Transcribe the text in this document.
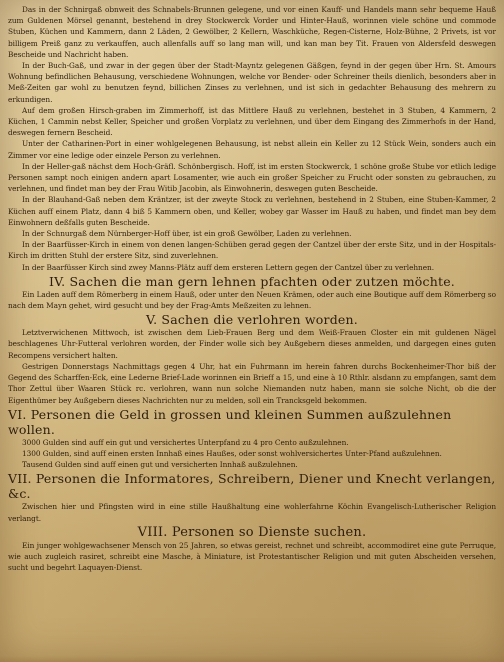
Das in der Schnirgaß obnweit des Schnabels-Brunnen gelegene, und vor einen Kauff- und Handels mann sehr bequeme Hauß zum Guldenen Mörsel genannt, bestehend in drey Stockwerck Vorder und Hinter-Hauß, worinnen viele schöne und commode Stuben, Küchen und Kammern, dann 2 Läden, 2 Gewölber, 2 Kellern, Waschküche, Regen-Cisterne, Holz-Bühne, 2 Privets, ist vor billigem Preiß ganz zu verkauffen, auch allenfalls auff so lang man will, und kan man bey Tit. Frauen von Aldersfeld deswegen Bescheide und Nachricht haben.

In der Buch-Gaß, und zwar in der gegen über der Stadt-Mayntz gelegenen Gäßgen, feynd in der gegen über Hrn. St. Amours Wohnung befindlichen Behausung, verschiedene Wohnungen, welche vor Bender- oder Schreiner theils dienlich, besonders aber in Meß-Zeiten gar wohl zu benutzen feynd, billichen Zinses zu verlehnen, und ist sich in gedachter Behausung des mehrern zu erkundigen.

Auf dem großen Hirsch-graben im Zimmerhoff, ist das Mittlere Hauß zu verlehnen, bestehet in 3 Stuben, 4 Kammern, 2 Küchen, 1 Cammin nebst Keller, Speicher und großen Vorplatz zu verlehnen, und über dem Eingang des Zimmerhofs in der Hand, deswegen fernern Bescheid.

Unter der Catharinen-Port in einer wohlgelegenen Behausung, ist nebst allein ein Keller zu 12 Stück Wein, sonders auch ein Zimmer vor eine ledige oder einzele Person zu verlehnen.

In der Heller-gaß nächst dem Hoch-Gräfl. Schönbergisch. Hoff, ist im ersten Stockwerck, 1 schöne große Stube vor etlich ledige Personen sampt noch einigen andern apart Losamenter, wie auch ein großer Speicher zu Frucht oder sonsten zu gebrauchen, zu verlehnen, und findet man bey der Frau Witib Jacobin, als Einwohnerin, deswegen guten Bescheide.

In der Blauhand-Gaß neben dem Kräntzer, ist der zweyte Stock zu verlehnen, bestehend in 2 Stuben, eine Stuben-Kammer, 2 Küchen auff einem Platz, dann 4 biß 5 Kammern oben, und Keller, wobey gar Wasser im Hauß zu haben, und findet man bey dem Einwohnern deßfalls guten Bescheide.

In der Schnurgaß dem Nürnberger-Hoff über, ist ein groß Gewölber, Laden zu verlehnen.

In der Baarfüsser-Kirch in einem von denen langen-Schüben gerad gegen der Cantzel über der erste Sitz, und in der Hospitals-Kirch im dritten Stuhl der erstere Sitz, sind zuverlehnen.

In der Baarfüsser Kirch sind zwey Manns-Plätz auff dem ersteren Lettern gegen der Cantzel über zu verlehnen.

IV. Sachen die man gern lehnen pfachten oder zutzen möchte.

Ein Laden auff dem Römerberg in einem Hauß, oder unter den Neuen Krämen, oder auch eine Boutique auff dem Römerberg so nach dem Mayn gehet, wird gesucht und bey der Frag-Amts Meßzeiten zu lehnen.

V. Sachen die verlohren worden.

Letztverwichenen Mittwoch, ist zwischen dem Lieb-Frauen Berg und dem Weiß-Frauen Closter ein mit guldenen Nägel beschlagenes Uhr-Futteral verlohren worden, der Finder wolle sich bey Außgebern dieses anmelden, und dargegen eines guten Recompens versichert halten.

Gestrigen Donnerstags Nachmittags gegen 4 Uhr, hat ein Fuhrmann im herein fahren durchs Bockenheimer-Thor biß der Gegend des Scharffen-Eck, eine Lederne Brief-Lade worinnen ein Brieff a 15, und eine à 10 Rthlr. alsdann zu empfangen, samt dem Thor Zettul über Waaren Stück rc. verlohren, wann nun solche Niemanden nutz haben, mann sie solche Nicht, ob die der Eigenthümer bey Außgebern dieses Nachrichten nur zu melden, soll ein Trancksgeld bekommen.

VI. Personen die Geld in grossen und kleinen Summen außzulehnen wollen.

3000 Gulden sind auff ein gut und versichertes Unterpfand zu 4 pro Cento außzulehnen.

1300 Gulden, sind auff einen ersten Innhaß eines Haußes, oder sonst wohlversichertes Unter-Pfand außzulehnen.

Tausend Gulden sind auff einen gut und versicherten Innhaß außzulehnen.

VII. Personen die Informatores, Schreibern, Diener und Knecht verlangen, &c.

Zwischen hier und Pfingsten wird in eine stille Haußhaltung eine wohlerfahrne Köchin Evangelisch-Lutherischer Religion verlangt.

VIII. Personen so Dienste suchen.

Ein junger wohlgewachsener Mensch von 25 Jahren, so etwas gereist, rechnet und schreibt, accommodiret eine gute Perruque, wie auch zugleich rasiret, schreibt eine Masche, à Miniature, ist Protestantischer Religion und mit guten Abscheiden versehen, sucht und begehrt Laquayen-Dienst.
